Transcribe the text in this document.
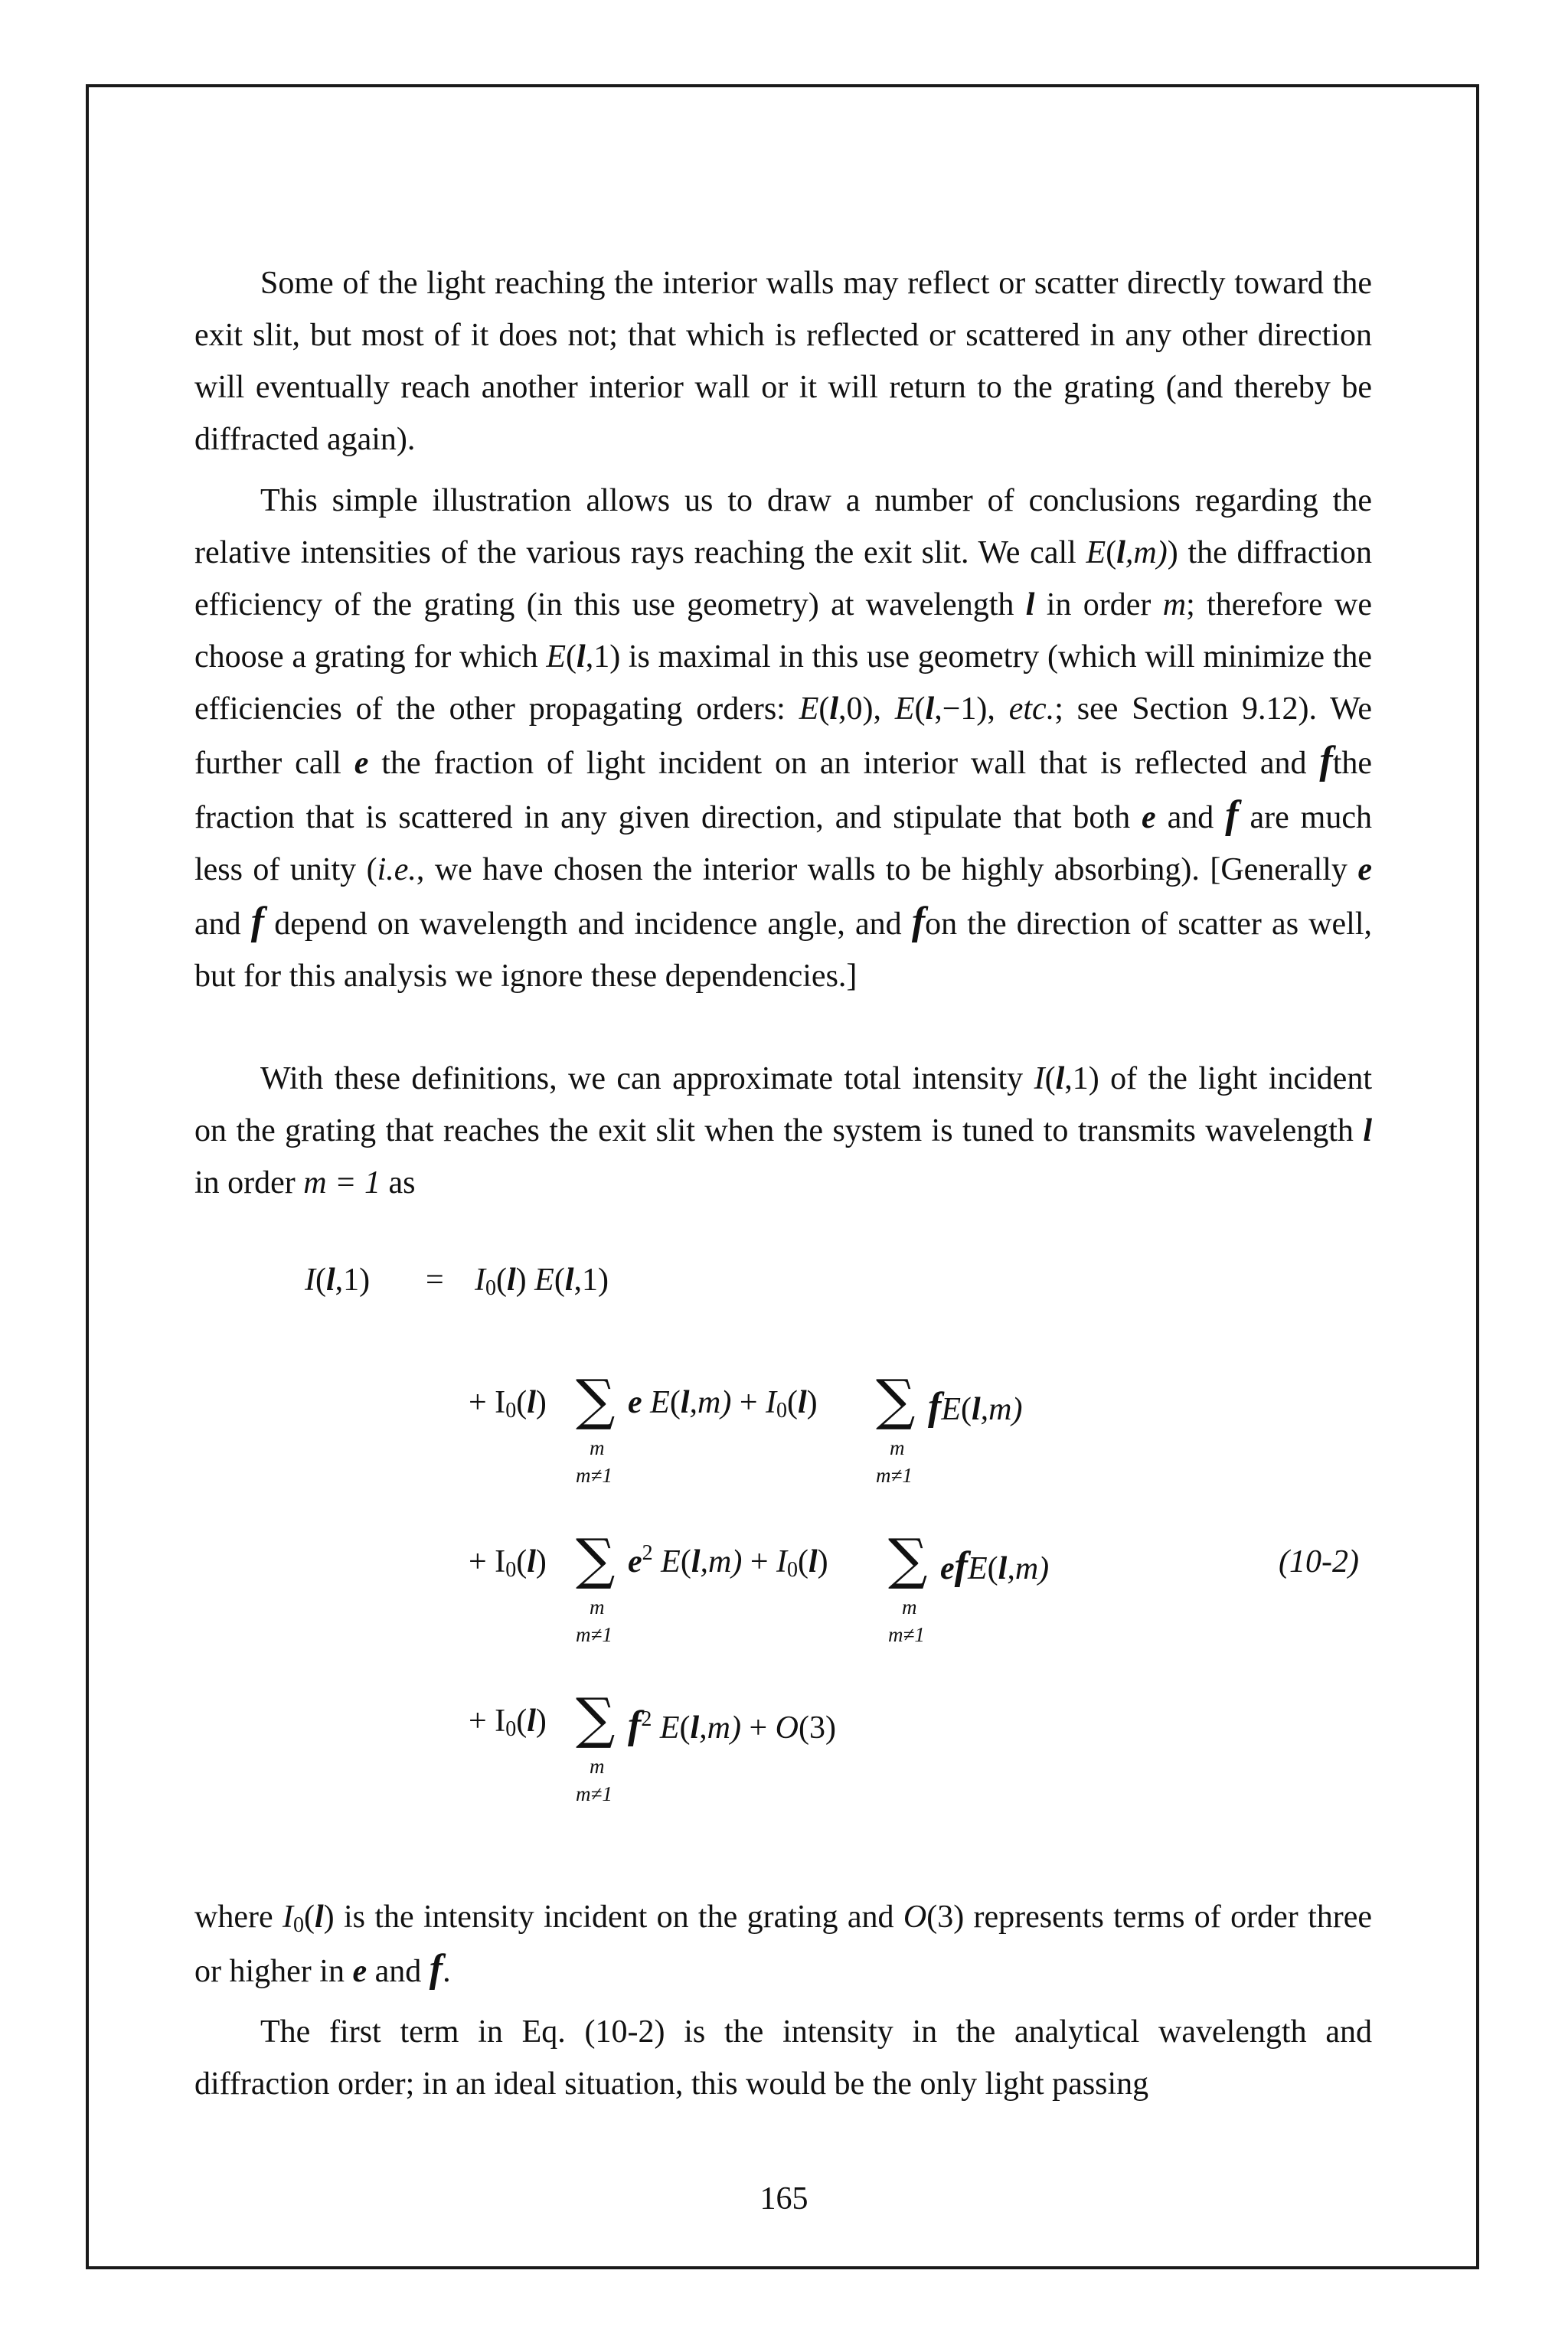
Some of the light reaching the interior walls may reflect or scatter directly toward the exit slit, but most of it does not; that which is reflected or scattered in any other direction will eventually reach another interior wall or it will return to the grating (and thereby be diffracted again).

This simple illustration allows us to draw a number of conclusions regarding the relative intensities of the various rays reaching the exit slit. We call E(l,m)) the diffraction efficiency of the grating (in this use geometry) at wavelength l in order m; therefore we choose a grating for which E(l,1) is maximal in this use geometry (which will minimize the efficiencies of the other propagating orders: E(l,0), E(l,−1), etc.; see Section 9.12). We further call e the fraction of light incident on an interior wall that is reflected and fthe fraction that is scattered in any given direction, and stipulate that both e and f are much less of unity (i.e., we have chosen the interior walls to be highly absorbing). [Generally e and f depend on wavelength and incidence angle, and fon the direction of scatter as well, but for this analysis we ignore these dependencies.]

With these definitions, we can approximate total intensity I(l,1) of the light incident on the grating that reaches the exit slit when the system is tuned to transmits wavelength l in order m = 1 as

$I(l,1) = I_0(l)$ E(l,1)
+ $I_0(l)$ ∑
m
m≠1
e $E(l,m) + I_0(l)$ ∑
m
m≠1
fE(l,m)
+ $I_0(l)$ ∑
m
m≠1
$e^2$ $E(l,m) + I_0(l)$ ∑
m
m≠1
efE(l,m)	(10-2)
+ $I_0(l)$ ∑
m
m≠1
$f^2$ E(l,m) + O(3)

where $I_0(l)$ is the intensity incident on the grating and O(3) represents terms of order three or higher in e and f.

The first term in Eq. (10-2) is the intensity in the analytical wavelength and diffraction order; in an ideal situation, this would be the only light passing

165
